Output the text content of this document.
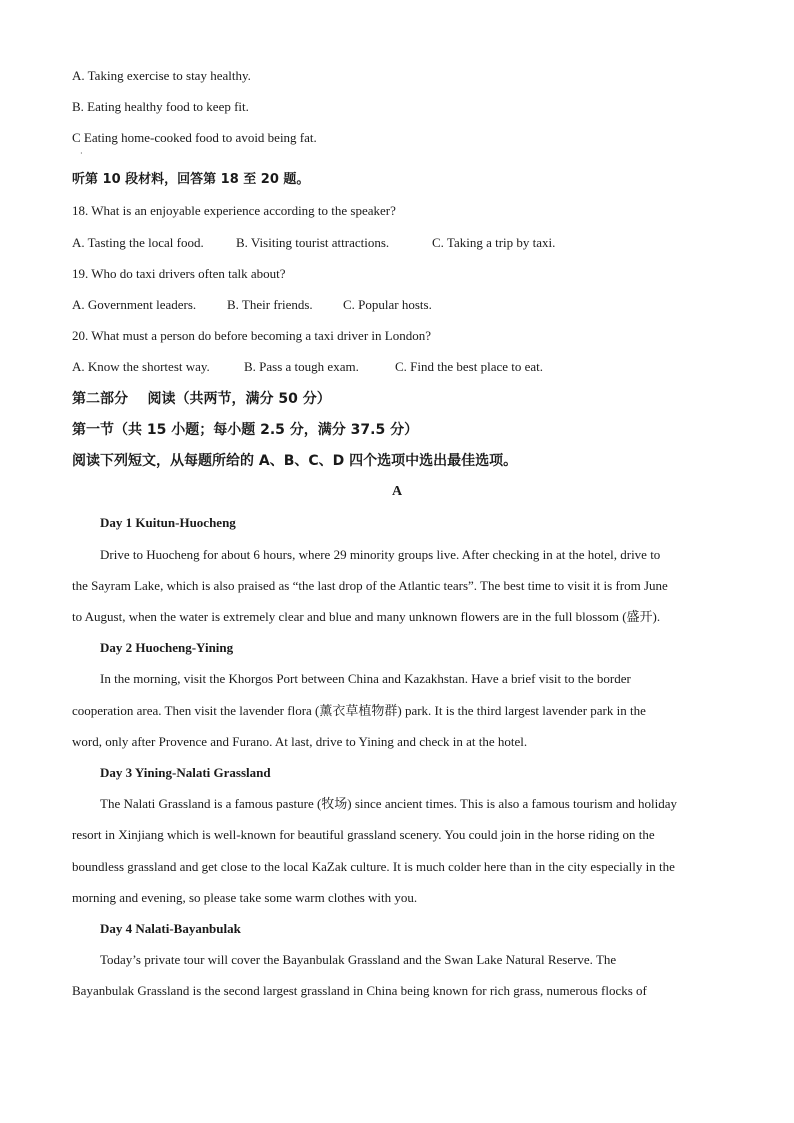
A. Taking exercise to stay healthy.
B. Eating healthy food to keep fit.
C Eating home-cooked food to avoid being fat.
·
听第 10 段材料，回答第 18 至 20 题。
18. What is an enjoyable experience according to the speaker?
A. Tasting the local food. B. Visiting tourist attractions.	C. Taking a trip by taxi.
19. Who do taxi drivers often talk about?
A. Government leaders. B. Their friends. C. Popular hosts.
20. What must a person do before becoming a taxi driver in London?
A. Know the shortest way.	B. Pass a tough exam.	C. Find the best place to eat.
第二部分    阅读（共两节，满分 50 分）
第一节（共 15 小题；每小题 2.5 分，满分 37.5 分）
阅读下列短文，从每题所给的 A、B、C、D 四个选项中选出最佳选项。
A
Day 1 Kuitun-Huocheng
Drive to Huocheng for about 6 hours, where 29 minority groups live. After checking in at the hotel, drive to
the Sayram Lake, which is also praised as “the last drop of the Atlantic tears”. The best time to visit it is from June
to August, when the water is extremely clear and blue and many unknown flowers are in the full blossom (盛开).
Day 2 Huocheng-Yining
In the morning, visit the Khorgos Port between China and Kazakhstan. Have a brief visit to the border
cooperation area. Then visit the lavender flora (薰衣草植物群) park. It is the third largest lavender park in the
word, only after Provence and Furano. At last, drive to Yining and check in at the hotel.
Day 3 Yining-Nalati Grassland
The Nalati Grassland is a famous pasture (牧场) since ancient times. This is also a famous tourism and holiday
resort in Xinjiang which is well-known for beautiful grassland scenery. You could join in the horse riding on the
boundless grassland and get close to the local KaZak culture. It is much colder here than in the city especially in the
morning and evening, so please take some warm clothes with you.
Day 4 Nalati-Bayanbulak
Today’s private tour will cover the Bayanbulak Grassland and the Swan Lake Natural Reserve. The
Bayanbulak Grassland is the second largest grassland in China being known for rich grass, numerous flocks of
